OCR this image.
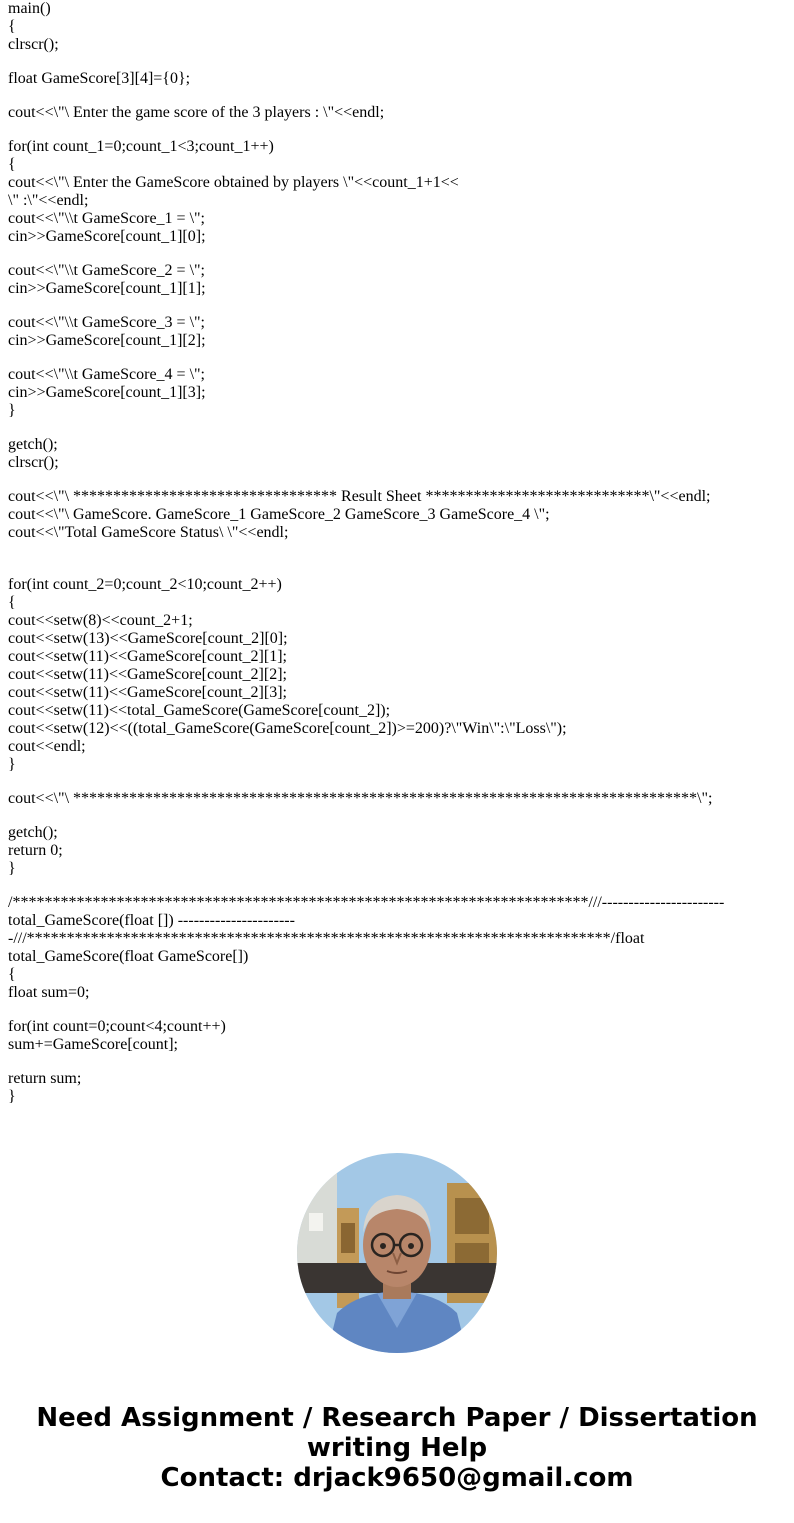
main()
{
clrscr();
float GameScore[3][4]={0};
cout<<\"\ Enter the game score of the 3 players : \"<<endl;
for(int count_1=0;count_1<3;count_1++)
{
cout<<\"\ Enter the GameScore obtained by players \"<<count_1+1<<
\" :\"<<endl;
cout<<\"\\t GameScore_1 = \";
cin>>GameScore[count_1][0];
cout<<\"\\t GameScore_2 = \";
cin>>GameScore[count_1][1];
cout<<\"\\t GameScore_3 = \";
cin>>GameScore[count_1][2];
cout<<\"\\t GameScore_4 = \";
cin>>GameScore[count_1][3];
}
getch();
clrscr();
cout<<\"\ ********************************* Result Sheet ****************************\"<<endl;
cout<<\"\ GameScore. GameScore_1 GameScore_2 GameScore_3 GameScore_4 \";
cout<<\"Total GameScore Status\ \"<<endl;
for(int count_2=0;count_2<10;count_2++)
{
cout<<setw(8)<<count_2+1;
cout<<setw(13)<<GameScore[count_2][0];
cout<<setw(11)<<GameScore[count_2][1];
cout<<setw(11)<<GameScore[count_2][2];
cout<<setw(11)<<GameScore[count_2][3];
cout<<setw(11)<<total_GameScore(GameScore[count_2]);
cout<<setw(12)<<((total_GameScore(GameScore[count_2])>=200)?\"Win\":\"Loss\");
cout<<endl;
}
cout<<\"\ ******************************************************************************\";
getch();
return 0;
}
/************************************************************************///-----------------------
total_GameScore(float []) ----------------------
-///*************************************************************************/float
total_GameScore(float GameScore[])
{
float sum=0;
for(int count=0;count<4;count++)
sum+=GameScore[count];
return sum;
}
Need Assignment / Research Paper / Dissertation
writing Help
Contact: drjack9650@gmail.com
